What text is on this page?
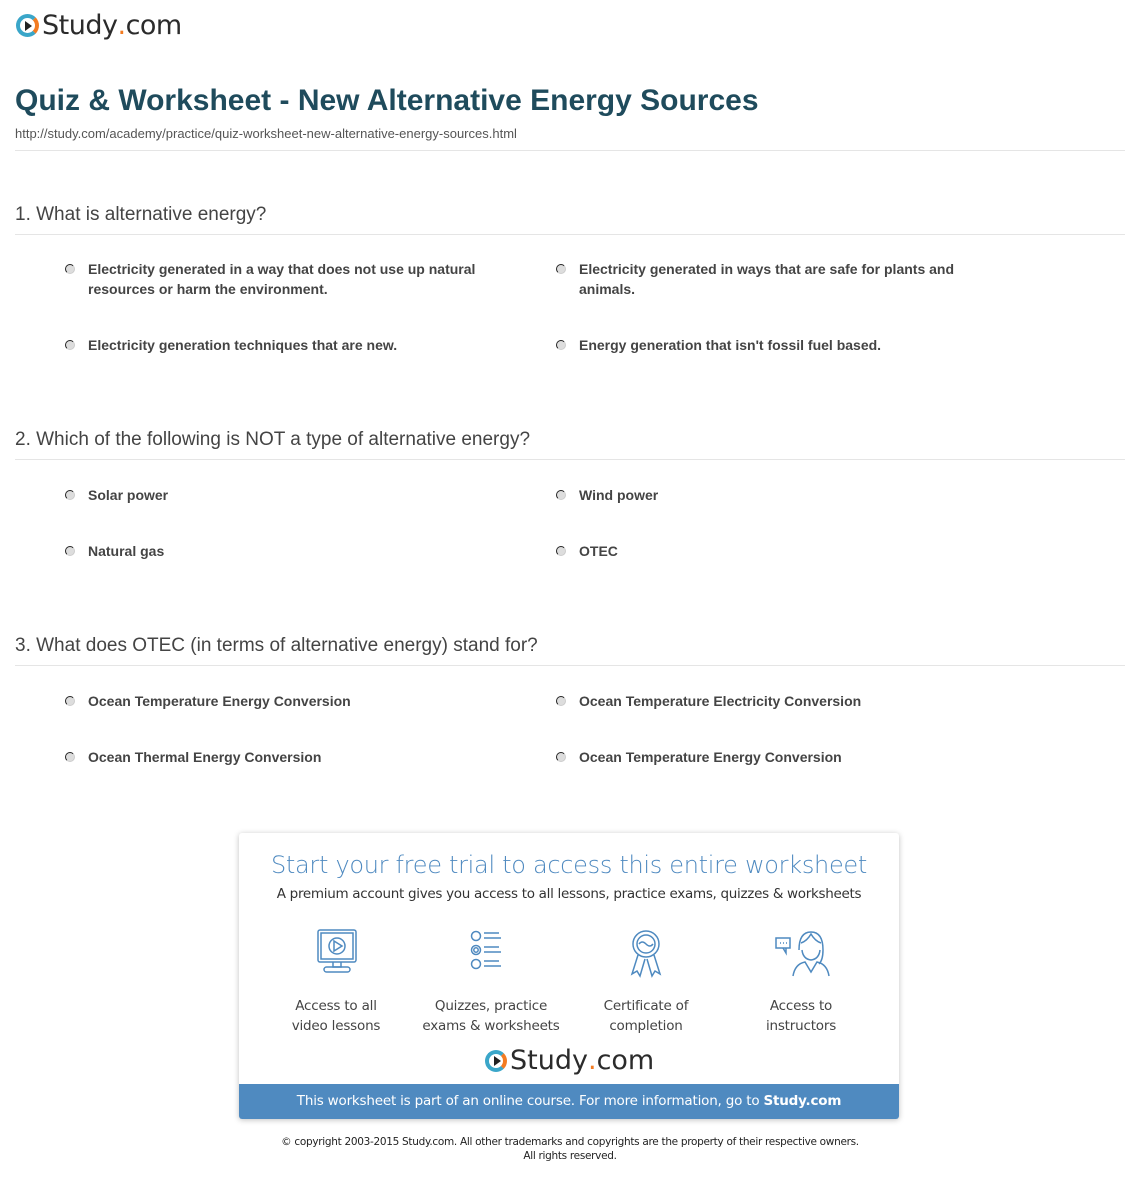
Study . com
Quiz & Worksheet - New Alternative Energy Sources
http://study.com/academy/practice/quiz-worksheet-new-alternative-energy-sources.html
1. What is alternative energy?
Electricity generated in a way that does not use up natural resources or harm the environment.
Electricity generated in ways that are safe for plants and animals.
Electricity generation techniques that are new.	Energy generation that isn't fossil fuel based.
2. Which of the following is NOT a type of alternative energy?
Solar power	Wind power
Natural gas	OTEC
3. What does OTEC (in terms of alternative energy) stand for?
Ocean Temperature Energy Conversion	Ocean Temperature Electricity Conversion
Ocean Thermal Energy Conversion	Ocean Temperature Energy Conversion
Start your free trial to access this entire worksheet
A premium account gives you access to all lessons, practice exams, quizzes & worksheets
Access to all
video lessons
Quizzes, practice
exams & worksheets
Certificate of
completion
Access to
instructors
Study . com
This worksheet is part of an online course. For more information, go to Study.com
© copyright 2003-2015 Study.com. All other trademarks and copyrights are the property of their respective owners.
All rights reserved.
